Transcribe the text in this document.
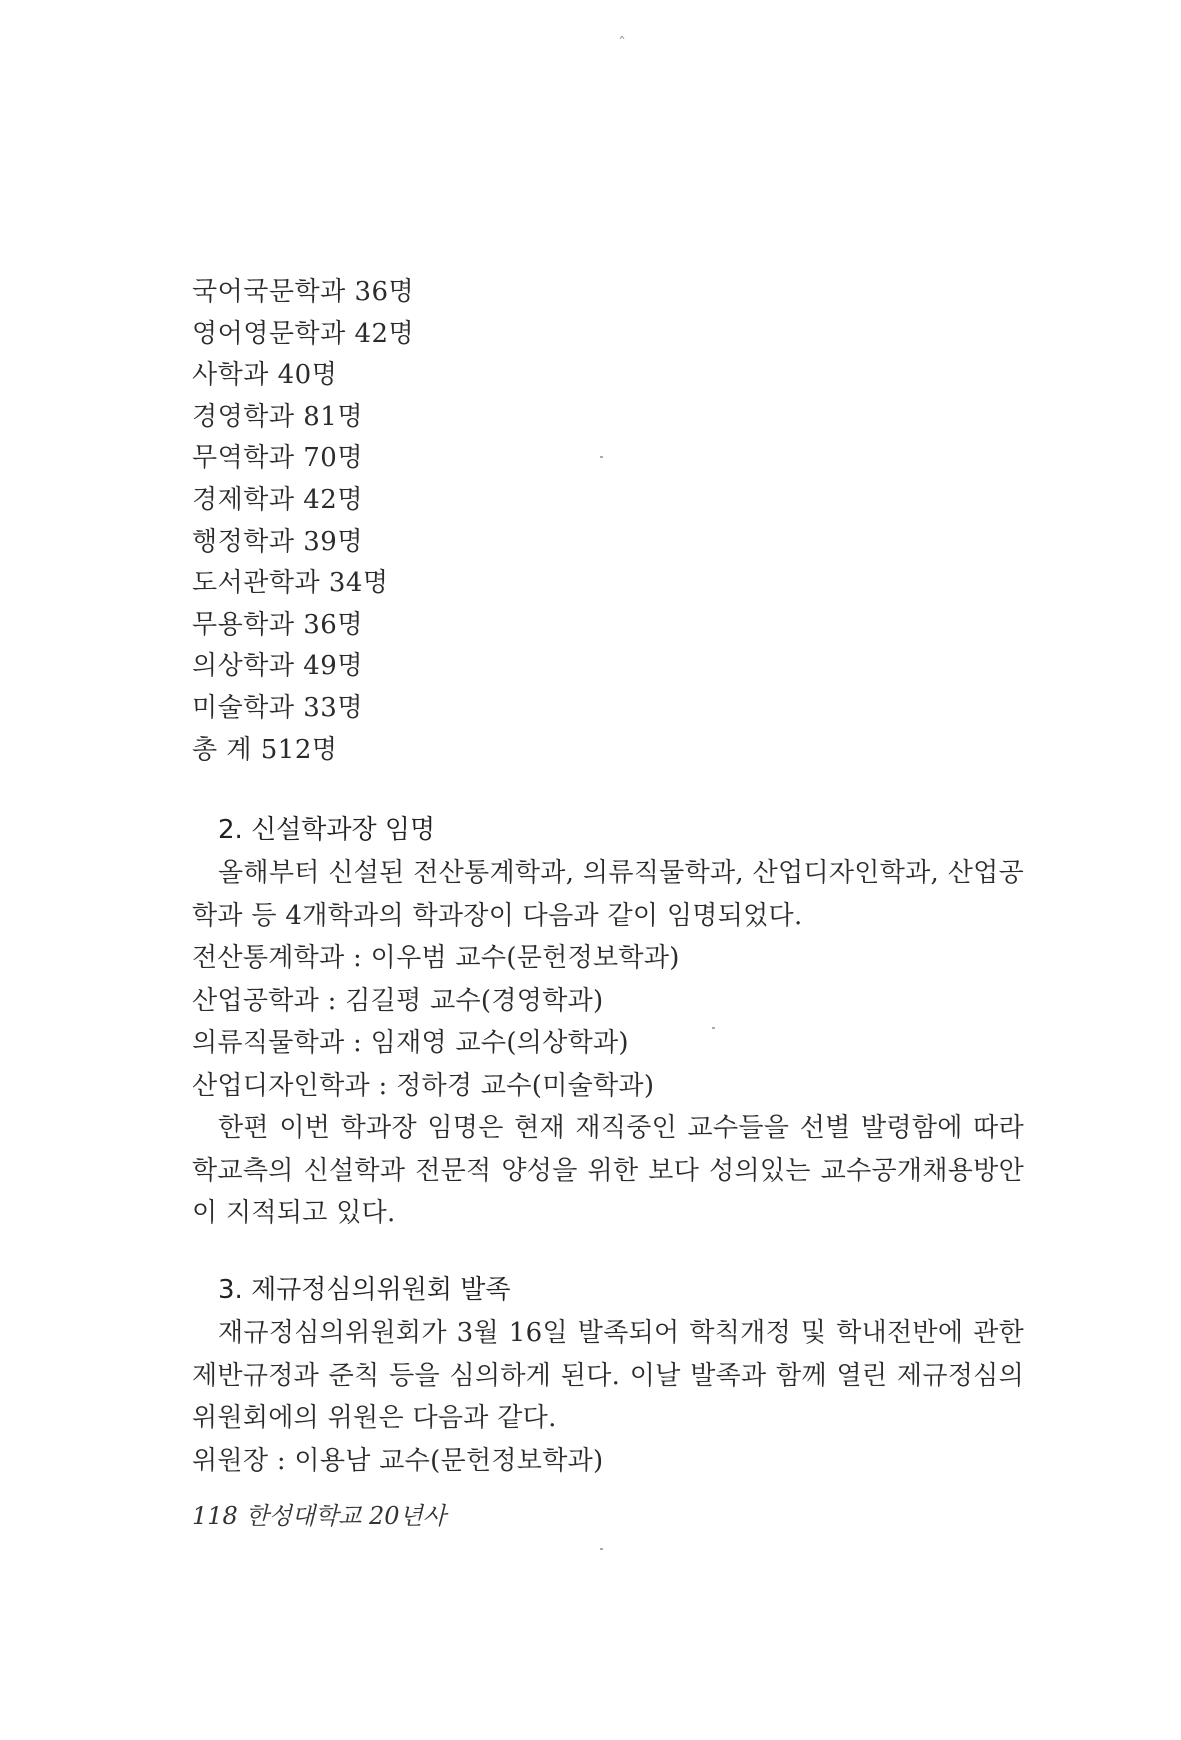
ˆ
국어국문학과 36명
영어영문학과 42명
사학과 40명
경영학과 81명
무역학과 70명
경제학과 42명
행정학과 39명
도서관학과 34명
무용학과 36명
의상학과 49명
미술학과 33명
총 계 512명
2. 신설학과장 임명

올해부터 신설된 전산통계학과, 의류직물학과, 산업디자인학과, 산업공학과 등 4개학과의 학과장이 다음과 같이 임명되었다.

전산통계학과 : 이우범 교수(문헌정보학과)
산업공학과 : 김길평 교수(경영학과)
의류직물학과 : 임재영 교수(의상학과)
산업디자인학과 : 정하경 교수(미술학과)

한편 이번 학과장 임명은 현재 재직중인 교수들을 선별 발령함에 따라 학교측의 신설학과 전문적 양성을 위한 보다 성의있는 교수공개채용방안이 지적되고 있다.

3. 제규정심의위원회 발족

재규정심의위원회가 3월 16일 발족되어 학칙개정 및 학내전반에 관한 제반규정과 준칙 등을 심의하게 된다. 이날 발족과 함께 열린 제규정심의위원회에의 위원은 다음과 같다.

위원장 : 이용남 교수(문헌정보학과)
118 한성대학교 20년사
